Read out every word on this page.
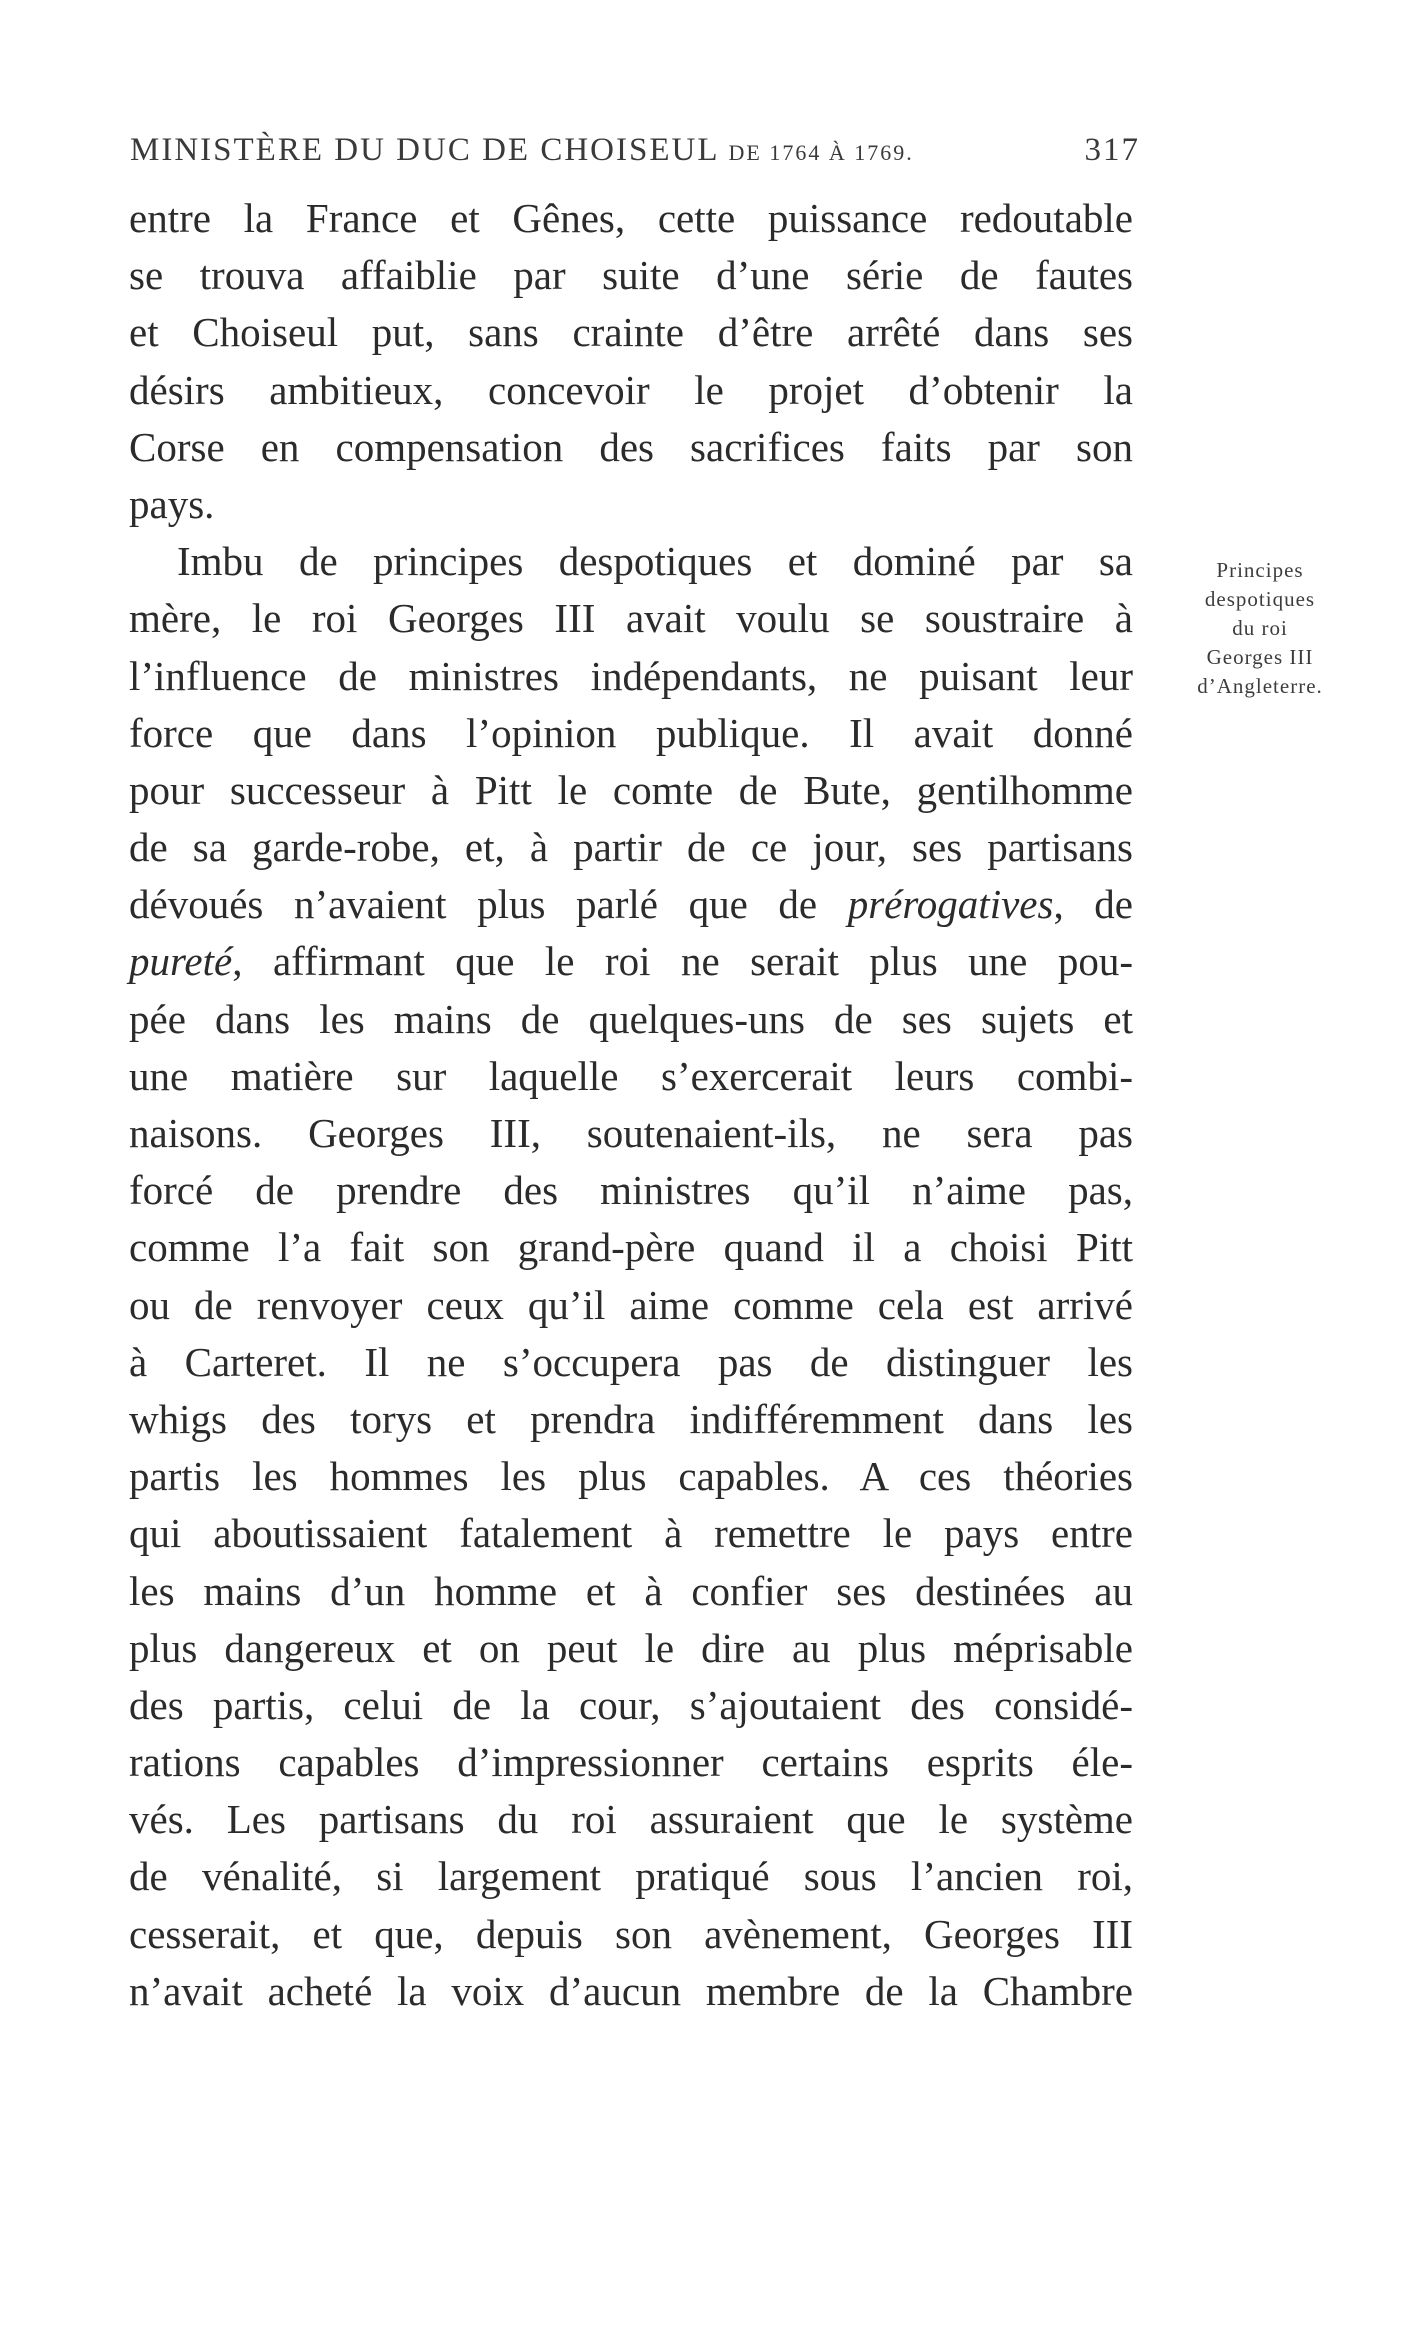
MINISTÈRE DU DUC DE CHOISEUL DE 1764 À 1769.	317
entre la France et Gênes, cette puissance redoutable
se trouva affaiblie par suite d’une série de fautes
et Choiseul put, sans crainte d’être arrêté dans ses
désirs ambitieux, concevoir le projet d’obtenir la
Corse en compensation des sacrifices faits par son
pays.
Imbu de principes despotiques et dominé par sa
mère, le roi Georges III avait voulu se soustraire à
l’influence de ministres indépendants, ne puisant leur
force que dans l’opinion publique. Il avait donné
pour successeur à Pitt le comte de Bute, gentilhomme
de sa garde-robe, et, à partir de ce jour, ses partisans
dévoués n’avaient plus parlé que de prérogatives, de
pureté, affirmant que le roi ne serait plus une pou-
pée dans les mains de quelques-uns de ses sujets et
une matière sur laquelle s’exercerait leurs combi-
naisons. Georges III, soutenaient-ils, ne sera pas
forcé de prendre des ministres qu’il n’aime pas,
comme l’a fait son grand-père quand il a choisi Pitt
ou de renvoyer ceux qu’il aime comme cela est arrivé
à Carteret. Il ne s’occupera pas de distinguer les
whigs des torys et prendra indifféremment dans les
partis les hommes les plus capables. A ces théories
qui aboutissaient fatalement à remettre le pays entre
les mains d’un homme et à confier ses destinées au
plus dangereux et on peut le dire au plus méprisable
des partis, celui de la cour, s’ajoutaient des considé-
rations capables d’impressionner certains esprits éle-
vés. Les partisans du roi assuraient que le système
de vénalité, si largement pratiqué sous l’ancien roi,
cesserait, et que, depuis son avènement, Georges III
n’avait acheté la voix d’aucun membre de la Chambre
Principes
despotiques
du roi
Georges III
d’Angleterre.
